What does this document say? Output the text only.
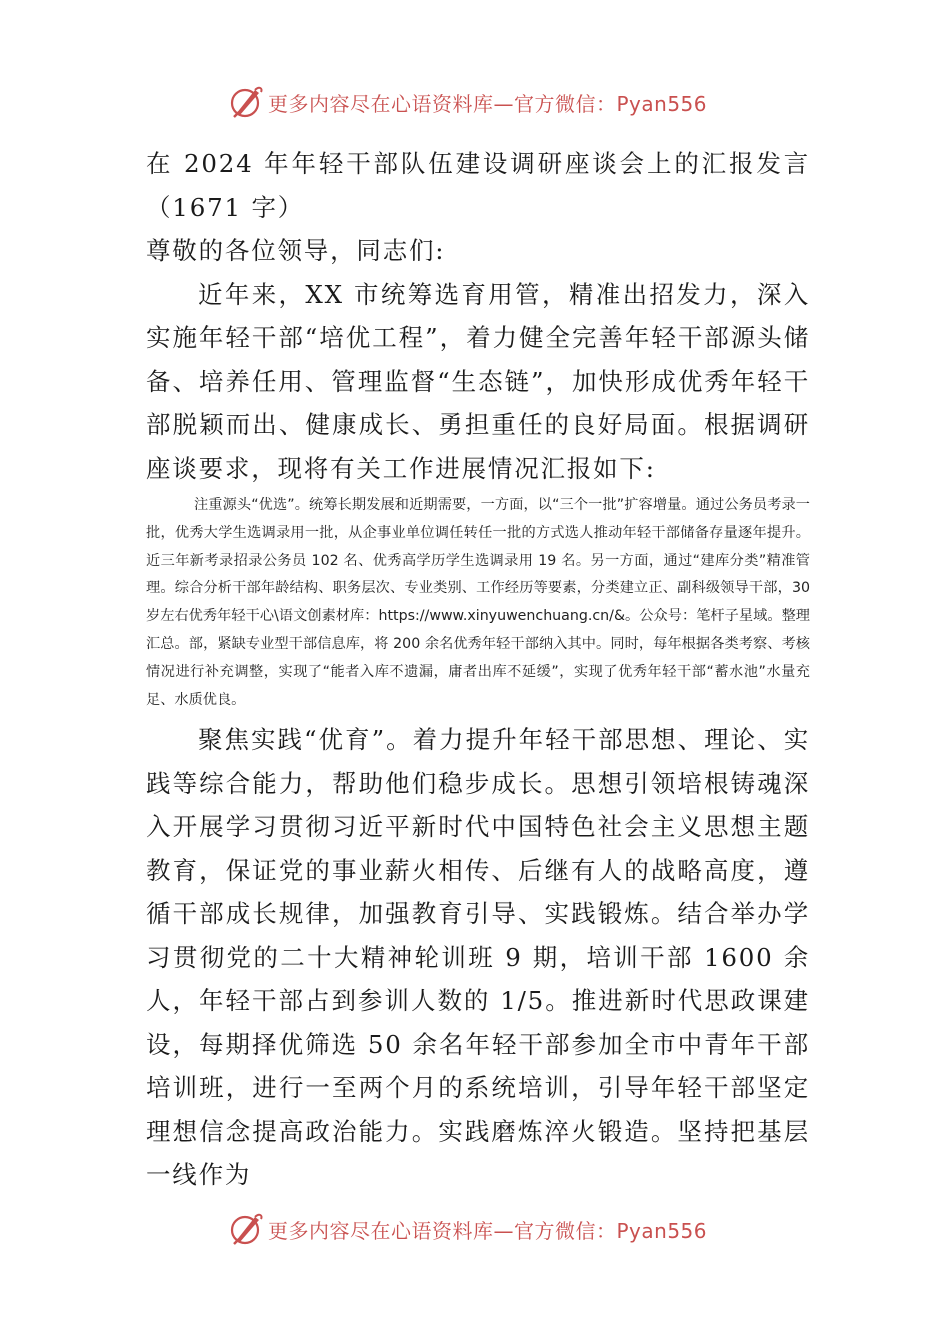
更多内容尽在心语资料库—官方微信：Pyan556

在 2024 年年轻干部队伍建设调研座谈会上的汇报发言（1671 字）

尊敬的各位领导，同志们:

近年来，XX 市统筹选育用管，精准出招发力，深入实施年轻干部“培优工程”，着力健全完善年轻干部源头储备、培养任用、管理监督“生态链”，加快形成优秀年轻干部脱颖而出、健康成长、勇担重任的良好局面。根据调研座谈要求，现将有关工作进展情况汇报如下:

注重源头“优选”。统筹长期发展和近期需要，一方面，以“三个一批”扩容增量。通过公务员考录一批，优秀大学生选调录用一批，从企事业单位调任转任一批的方式选人推动年轻干部储备存量逐年提升。近三年新考录招录公务员 102 名、优秀高学历学生选调录用 19 名。另一方面，通过“建库分类”精准管理。综合分析干部年龄结构、职务层次、专业类别、工作经历等要素，分类建立正、副科级领导干部，30 岁左右优秀年轻干心\语文创素材库：https://www.xinyuwenchuang.cn/&。公众号：笔杆子星域。整理汇总。部，紧缺专业型干部信息库，将 200 余名优秀年轻干部纳入其中。同时，每年根据各类考察、考核情况进行补充调整，实现了“能者入库不遗漏，庸者出库不延缓”，实现了优秀年轻干部“蓄水池”水量充足、水质优良。

聚焦实践“优育”。着力提升年轻干部思想、理论、实践等综合能力，帮助他们稳步成长。思想引领培根铸魂深入开展学习贯彻习近平新时代中国特色社会主义思想主题教育，保证党的事业薪火相传、后继有人的战略高度，遵循干部成长规律，加强教育引导、实践锻炼。结合举办学习贯彻党的二十大精神轮训班 9 期，培训干部 1600 余人，年轻干部占到参训人数的 1/5。推进新时代思政课建设，每期择优筛选 50 余名年轻干部参加全市中青年干部培训班，进行一至两个月的系统培训，引导年轻干部坚定理想信念提高政治能力。实践磨炼淬火锻造。坚持把基层一线作为

更多内容尽在心语资料库—官方微信：Pyan556
